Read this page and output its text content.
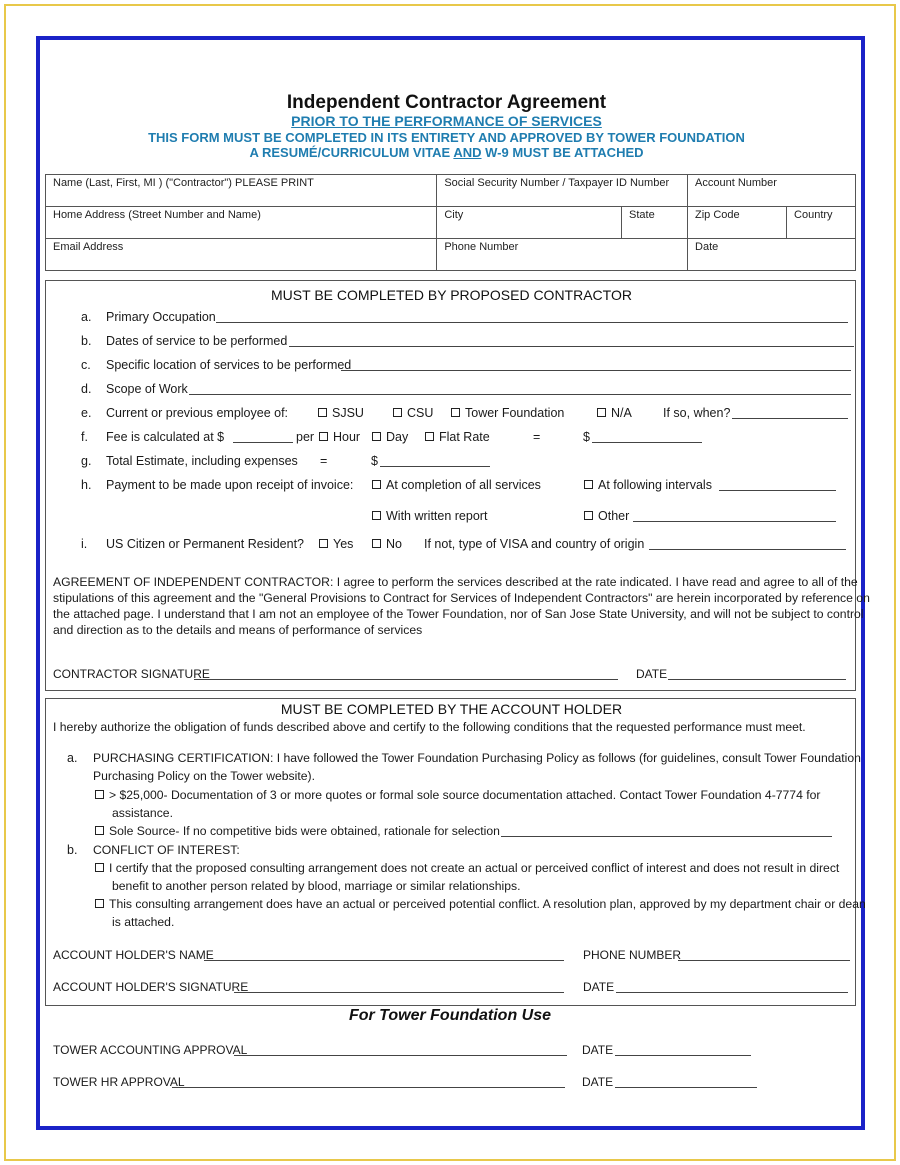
Independent Contractor Agreement
PRIOR TO THE PERFORMANCE OF SERVICES
THIS FORM MUST BE COMPLETED IN ITS ENTIRETY AND APPROVED BY TOWER FOUNDATION
A RESUMÉ/CURRICULUM VITAE AND W-9 MUST BE ATTACHED
Name (Last, First, MI ) ("Contractor") PLEASE PRINT	Social Security Number / Taxpayer ID Number		Account Number	
Home Address (Street Number and Name)	City	State	Zip Code	Country
Email Address	Phone Number		Date	
MUST BE COMPLETED BY PROPOSED CONTRACTOR
a. Primary Occupation
b. Dates of service to be performed
c. Specific location of services to be performed
d. Scope of Work
e. Current or previous employee of:	SJSU	CSU	Tower Foundation	N/A If so, when?
f. Fee is calculated at $	per	Hour	Day	Flat Rate	=	$
g. Total Estimate, including expenses =	$
h. Payment to be made upon receipt of invoice:	At completion of all services	At following intervals
With written report	Other
i. US Citizen or Permanent Resident?	Yes	No If not, type of VISA and country of origin
AGREEMENT OF INDEPENDENT CONTRACTOR: I agree to perform the services described at the rate indicated. I have read and agree to all of the
stipulations of this agreement and the "General Provisions to Contract for Services of Independent Contractors" are herein incorporated by reference on
the attached page. I understand that I am not an employee of the Tower Foundation, nor of San Jose State University, and will not be subject to control
and direction as to the details and means of performance of services
CONTRACTOR SIGNATURE	DATE
MUST BE COMPLETED BY THE ACCOUNT HOLDER
I hereby authorize the obligation of funds described above and certify to the following conditions that the requested performance must meet.
a. PURCHASING CERTIFICATION: I have followed the Tower Foundation Purchasing Policy as follows (for guidelines, consult Tower Foundation
Purchasing Policy on the Tower website).
> $25,000- Documentation of 3 or more quotes or formal sole source documentation attached. Contact Tower Foundation 4-7774 for
assistance.
Sole Source- If no competitive bids were obtained, rationale for selection
b. CONFLICT OF INTEREST:
I certify that the proposed consulting arrangement does not create an actual or perceived conflict of interest and does not result in direct
benefit to another person related by blood, marriage or similar relationships.
This consulting arrangement does have an actual or perceived potential conflict. A resolution plan, approved by my department chair or dean
is attached.
ACCOUNT HOLDER'S NAME	PHONE NUMBER
ACCOUNT HOLDER'S SIGNATURE	DATE
For Tower Foundation Use
TOWER ACCOUNTING APPROVAL	DATE
TOWER HR APPROVAL	DATE
